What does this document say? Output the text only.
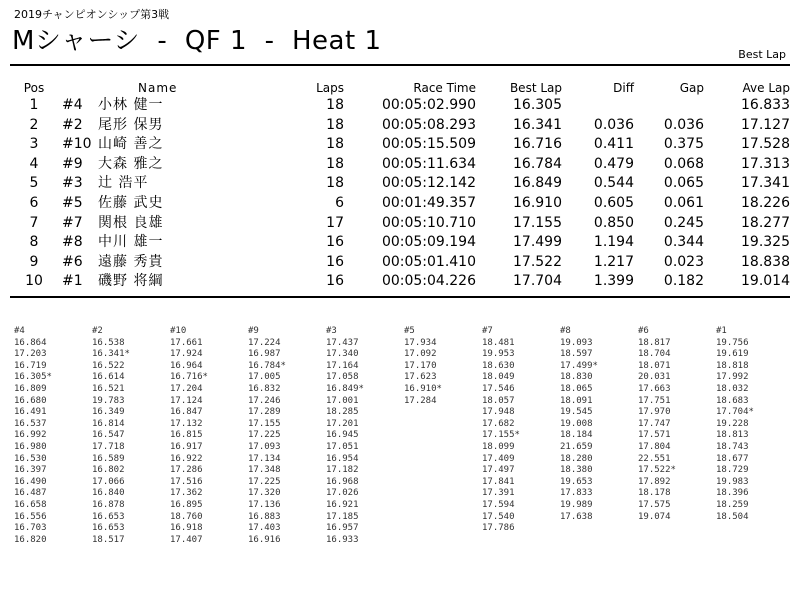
2019チャンピオンシップ第3戦
Mシャーシ  -  QF 1  -  Heat 1	Best Lap
Pos		Name	Laps	Race Time	Best Lap	Diff	Gap	Ave Lap
1	#4	小林 健一	18	00:05:02.990	16.305			16.833
2	#2	尾形 保男	18	00:05:08.293	16.341	0.036	0.036	17.127
3	#10	山崎 善之	18	00:05:15.509	16.716	0.411	0.375	17.528
4	#9	大森 雅之	18	00:05:11.634	16.784	0.479	0.068	17.313
5	#3	辻 浩平	18	00:05:12.142	16.849	0.544	0.065	17.341
6	#5	佐藤 武史	6	00:01:49.357	16.910	0.605	0.061	18.226
7	#7	関根 良雄	17	00:05:10.710	17.155	0.850	0.245	18.277
8	#8	中川 雄一	16	00:05:09.194	17.499	1.194	0.344	19.325
9	#6	遠藤 秀貴	16	00:05:01.410	17.522	1.217	0.023	18.838
10	#1	磯野 将綱	16	00:05:04.226	17.704	1.399	0.182	19.014
#4	#2	#10	#9	#3	#5	#7	#8	#6	#1
16.864	16.538	17.661	17.224	17.437	17.934	18.481	19.093	18.817	19.756
17.203	16.341*	17.924	16.987	17.340	17.092	19.953	18.597	18.704	19.619
16.719	16.522	16.964	16.784*	17.164	17.170	18.630	17.499*	18.071	18.818
16.305*	16.614	16.716*	17.005	17.058	17.623	18.049	18.830	20.031	17.992
16.809	16.521	17.204	16.832	16.849*	16.910*	17.546	18.065	17.663	18.032
16.680	19.783	17.124	17.246	17.001	17.284	18.057	18.091	17.751	18.683
16.491	16.349	16.847	17.289	18.285		17.948	19.545	17.970	17.704*
16.537	16.814	17.132	17.155	17.201		17.682	19.008	17.747	19.228
16.992	16.547	16.815	17.225	16.945		17.155*	18.184	17.571	18.813
16.980	17.718	16.917	17.093	17.051		18.099	21.659	17.804	18.743
16.530	16.589	16.922	17.134	16.954		17.409	18.280	22.551	18.677
16.397	16.802	17.286	17.348	17.182		17.497	18.380	17.522*	18.729
16.490	17.066	17.516	17.225	16.968		17.841	19.653	17.892	19.983
16.487	16.840	17.362	17.320	17.026		17.391	17.833	18.178	18.396
16.658	16.878	16.895	17.136	16.921		17.594	19.989	17.575	18.259
16.556	16.653	18.760	16.883	17.185		17.540	17.638	19.074	18.504
16.703	16.653	16.918	17.403	16.957		17.786			
16.820	18.517	17.407	16.916	16.933					
